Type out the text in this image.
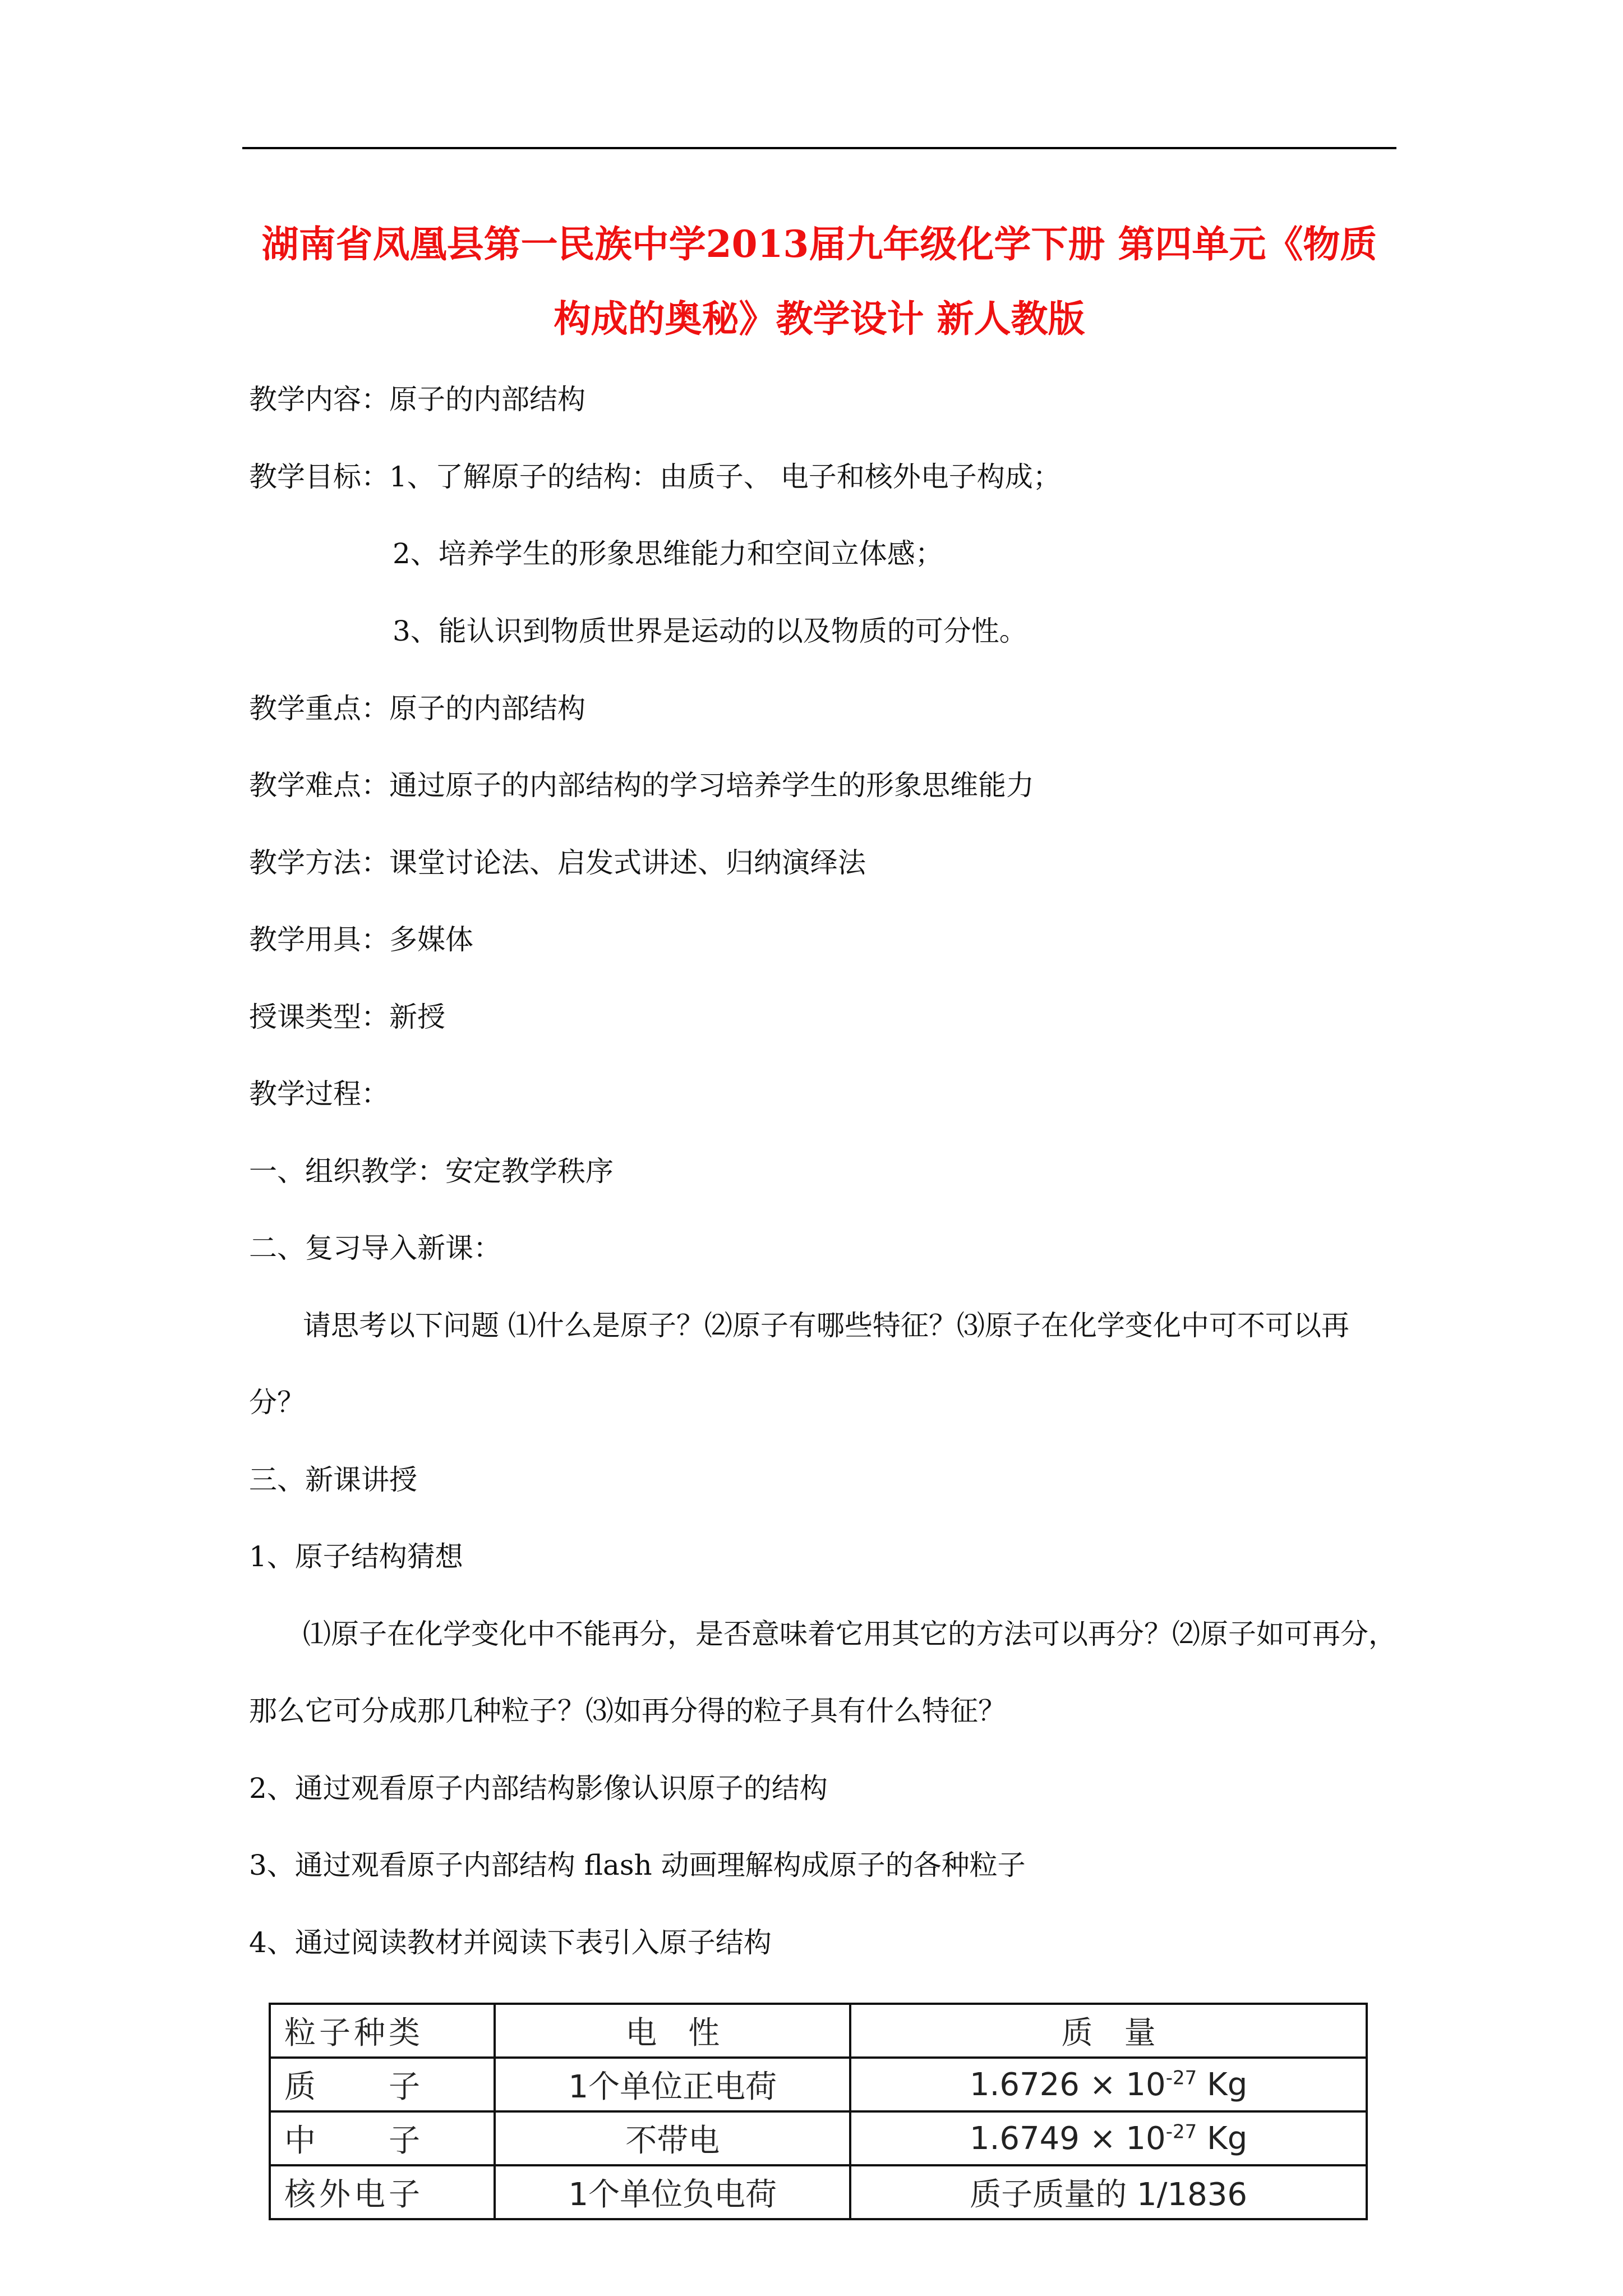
湖南省凤凰县第一民族中学2013届九年级化学下册 第四单元《物质
构成的奥秘》教学设计 新人教版
教学内容：原子的内部结构
教学目标：1、了解原子的结构：由质子、 电子和核外电子构成；
2、培养学生的形象思维能力和空间立体感；
3、能认识到物质世界是运动的以及物质的可分性。
教学重点：原子的内部结构
教学难点：通过原子的内部结构的学习培养学生的形象思维能力
教学方法：课堂讨论法、启发式讲述、归纳演绎法
教学用具：多媒体
授课类型：新授
教学过程：
一、组织教学：安定教学秩序
二、复习导入新课：
请思考以下问题 ⑴什么是原子？⑵原子有哪些特征？⑶原子在化学变化中可不可以再
分？
三、新课讲授
1、原子结构猜想
⑴原子在化学变化中不能再分，是否意味着它用其它的方法可以再分？⑵原子如可再分，
那么它可分成那几种粒子？⑶如再分得的粒子具有什么特征？
2、通过观看原子内部结构影像认识原子的结构
3、通过观看原子内部结构 flash 动画理解构成原子的各种粒子
4、通过阅读教材并阅读下表引入原子结构
粒子种类	电　性	质　量
质　　子	1个单位正电荷	$1.6726 \times 10^{-27}$ Kg
中　　子	不带电	$1.6749 \times 10^{-27}$ Kg
核外电子	1个单位负电荷	质子质量的 1/1836
